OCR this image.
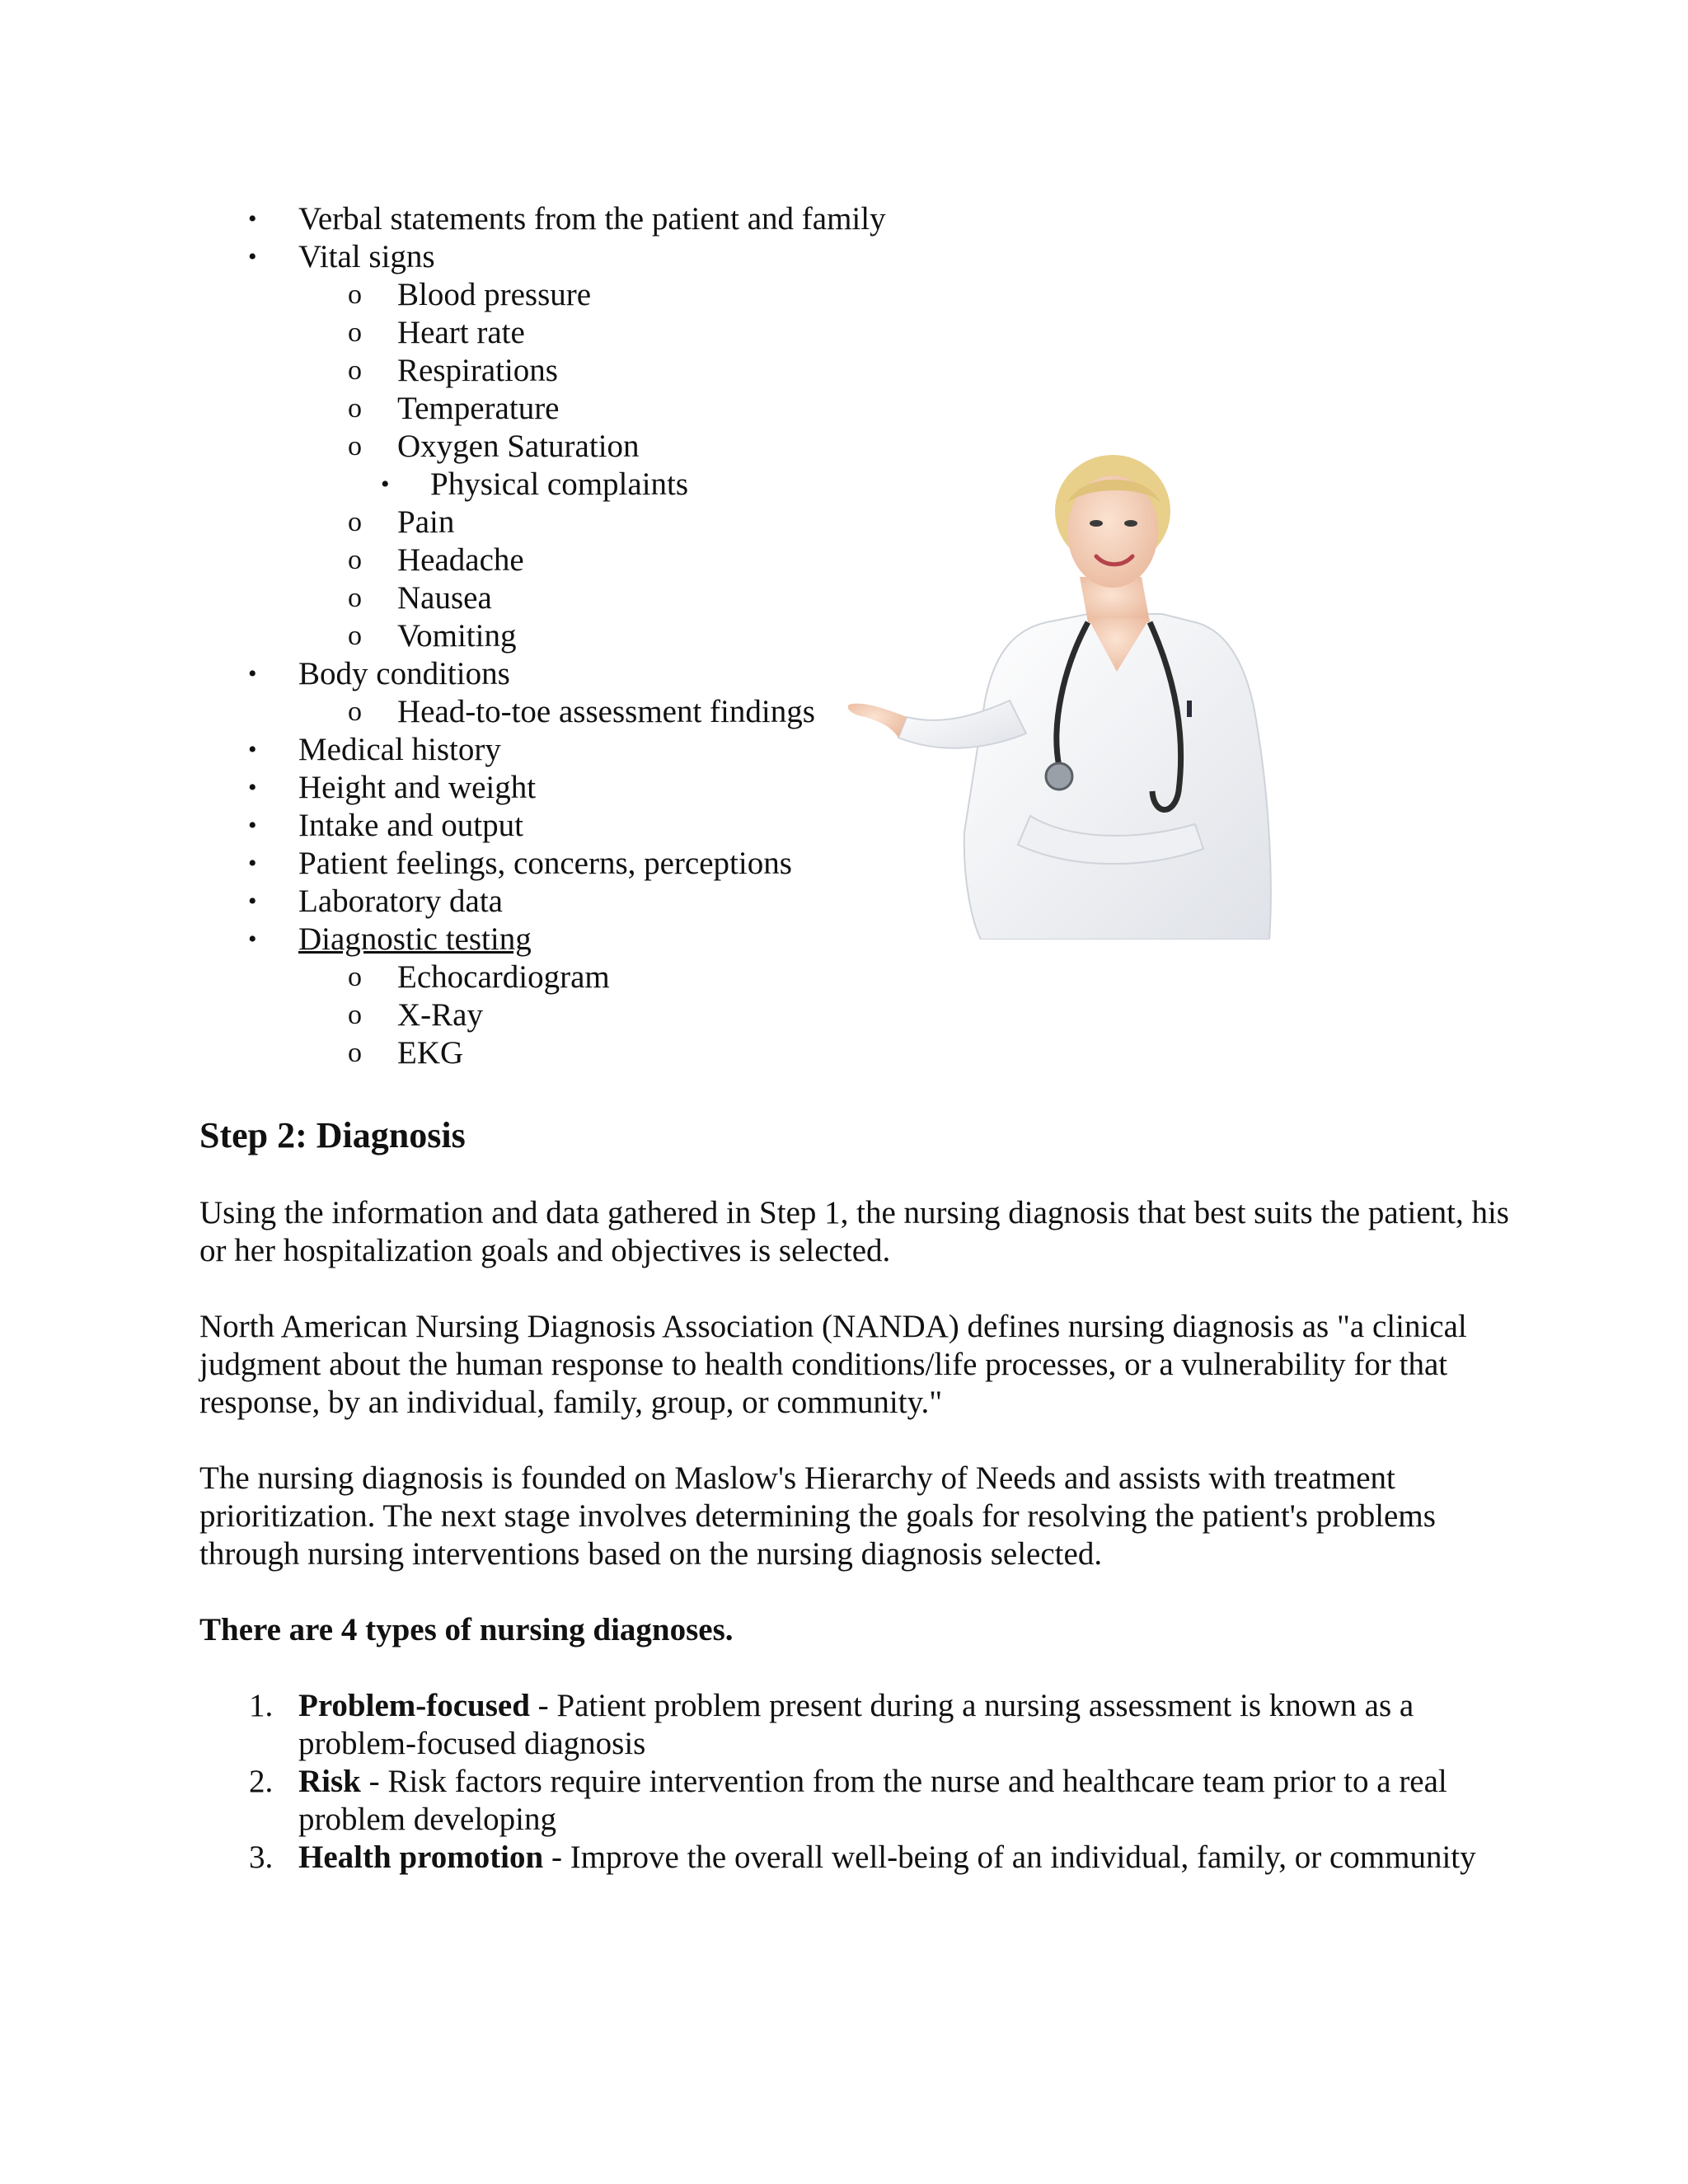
• Verbal statements from the patient and family
• Vital signs
o Blood pressure
o Heart rate
o Respirations
o Temperature
o Oxygen Saturation
• Physical complaints
o Pain
o Headache
o Nausea
o Vomiting
• Body conditions
o Head-to-toe assessment findings
• Medical history
• Height and weight
• Intake and output
• Patient feelings, concerns, perceptions
• Laboratory data
• Diagnostic testing
o Echocardiogram
o X-Ray
o EKG
Step 2: Diagnosis
Using the information and data gathered in Step 1, the nursing diagnosis that best suits the patient, his or her hospitalization goals and objectives is selected.
North American Nursing Diagnosis Association (NANDA) defines nursing diagnosis as "a clinical judgment about the human response to health conditions/life processes, or a vulnerability for that response, by an individual, family, group, or community."
The nursing diagnosis is founded on Maslow's Hierarchy of Needs and assists with treatment prioritization. The next stage involves determining the goals for resolving the patient's problems through nursing interventions based on the nursing diagnosis selected.
There are 4 types of nursing diagnoses.
1. Problem-focused - Patient problem present during a nursing assessment is known as a problem-focused diagnosis
2. Risk - Risk factors require intervention from the nurse and healthcare team prior to a real problem developing
3. Health promotion - Improve the overall well-being of an individual, family, or community
